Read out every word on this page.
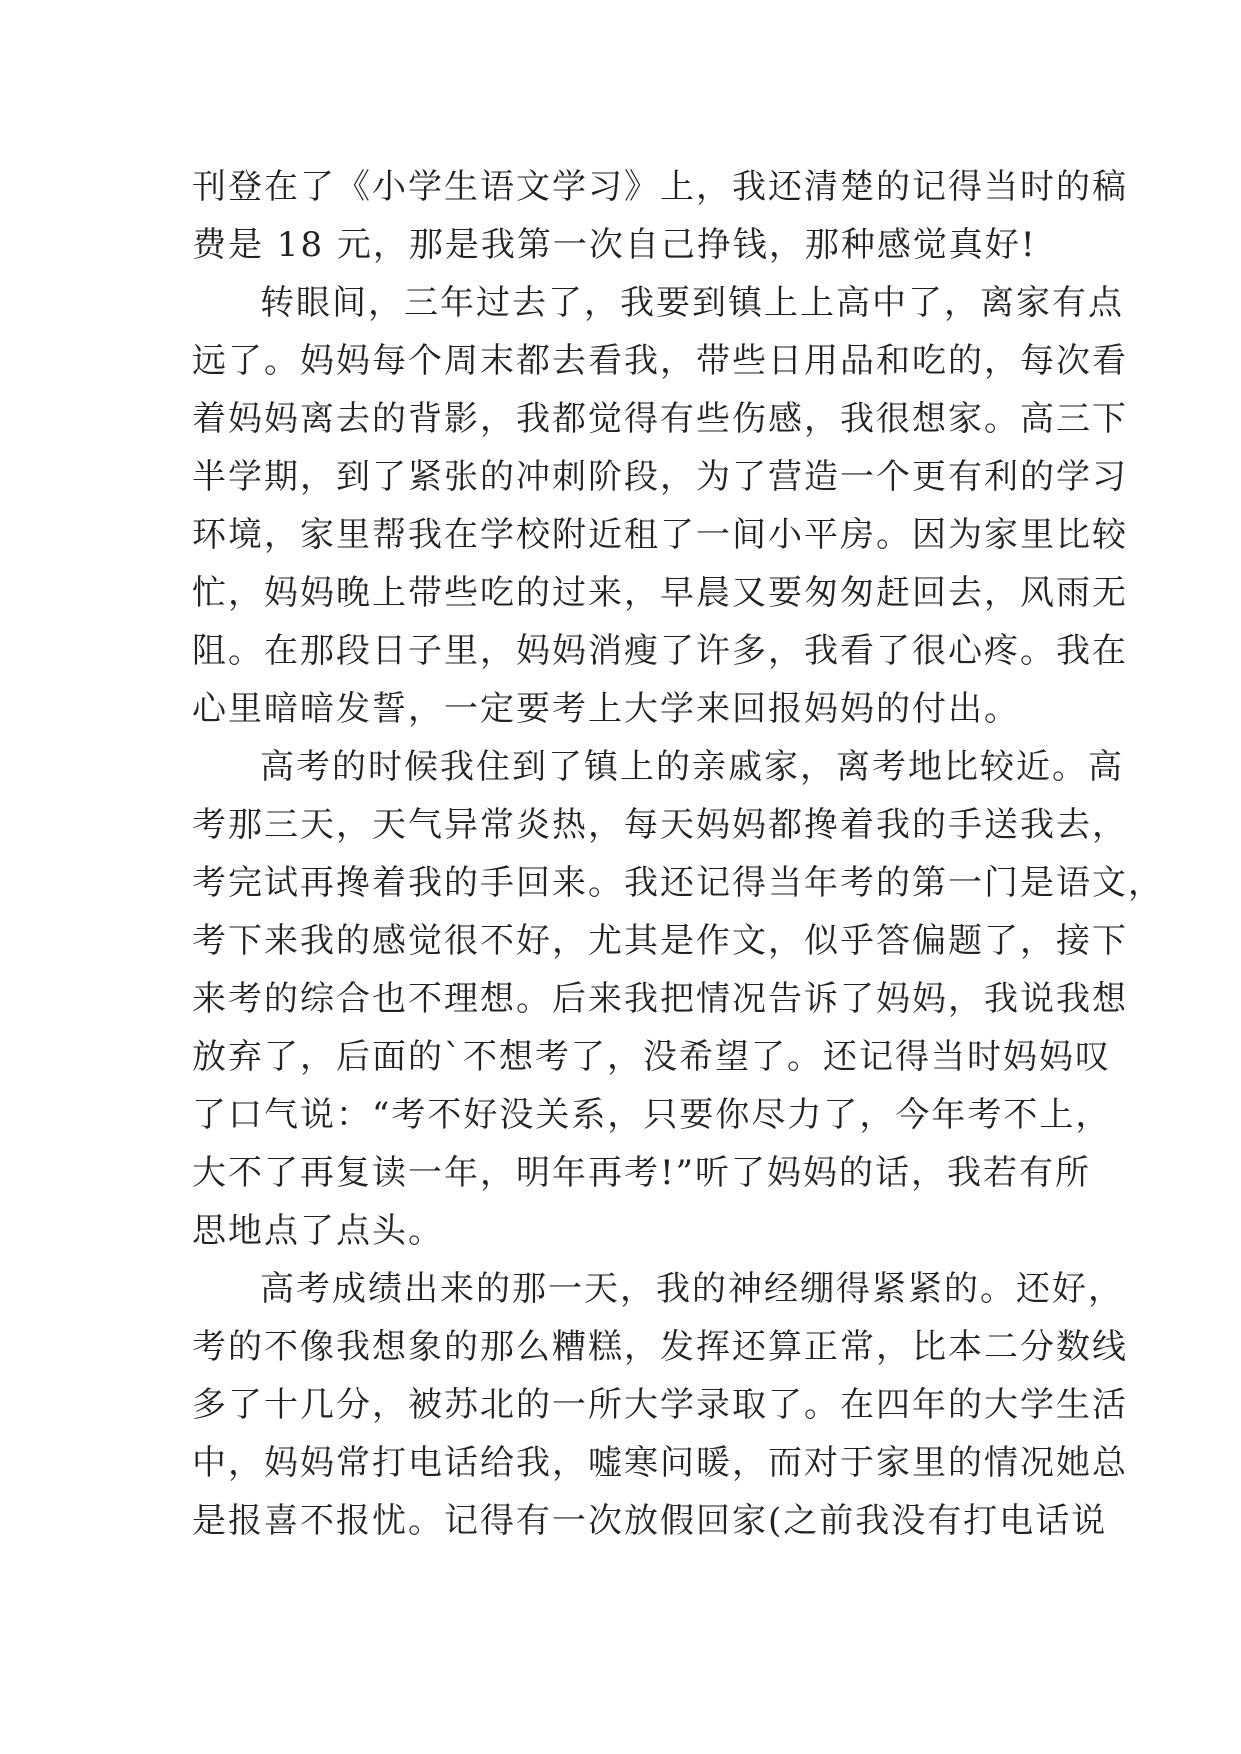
刊登在了《小学生语文学习》上，我还清楚的记得当时的稿
费是 18 元，那是我第一次自己挣钱，那种感觉真好!
转眼间，三年过去了，我要到镇上上高中了，离家有点
远了。妈妈每个周末都去看我，带些日用品和吃的，每次看
着妈妈离去的背影，我都觉得有些伤感，我很想家。高三下
半学期，到了紧张的冲刺阶段，为了营造一个更有利的学习
环境，家里帮我在学校附近租了一间小平房。因为家里比较
忙，妈妈晚上带些吃的过来，早晨又要匆匆赶回去，风雨无
阻。在那段日子里，妈妈消瘦了许多，我看了很心疼。我在
心里暗暗发誓，一定要考上大学来回报妈妈的付出。
高考的时候我住到了镇上的亲戚家，离考地比较近。高
考那三天，天气异常炎热，每天妈妈都搀着我的手送我去，
考完试再搀着我的手回来。我还记得当年考的第一门是语文，
考下来我的感觉很不好，尤其是作文，似乎答偏题了，接下
来考的综合也不理想。后来我把情况告诉了妈妈，我说我想
放弃了，后面的`不想考了，没希望了。还记得当时妈妈叹
了口气说：“考不好没关系，只要你尽力了，今年考不上，
大不了再复读一年，明年再考!”听了妈妈的话，我若有所
思地点了点头。
高考成绩出来的那一天，我的神经绷得紧紧的。还好，
考的不像我想象的那么糟糕，发挥还算正常，比本二分数线
多了十几分，被苏北的一所大学录取了。在四年的大学生活
中，妈妈常打电话给我，嘘寒问暖，而对于家里的情况她总
是报喜不报忧。记得有一次放假回家(之前我没有打电话说
